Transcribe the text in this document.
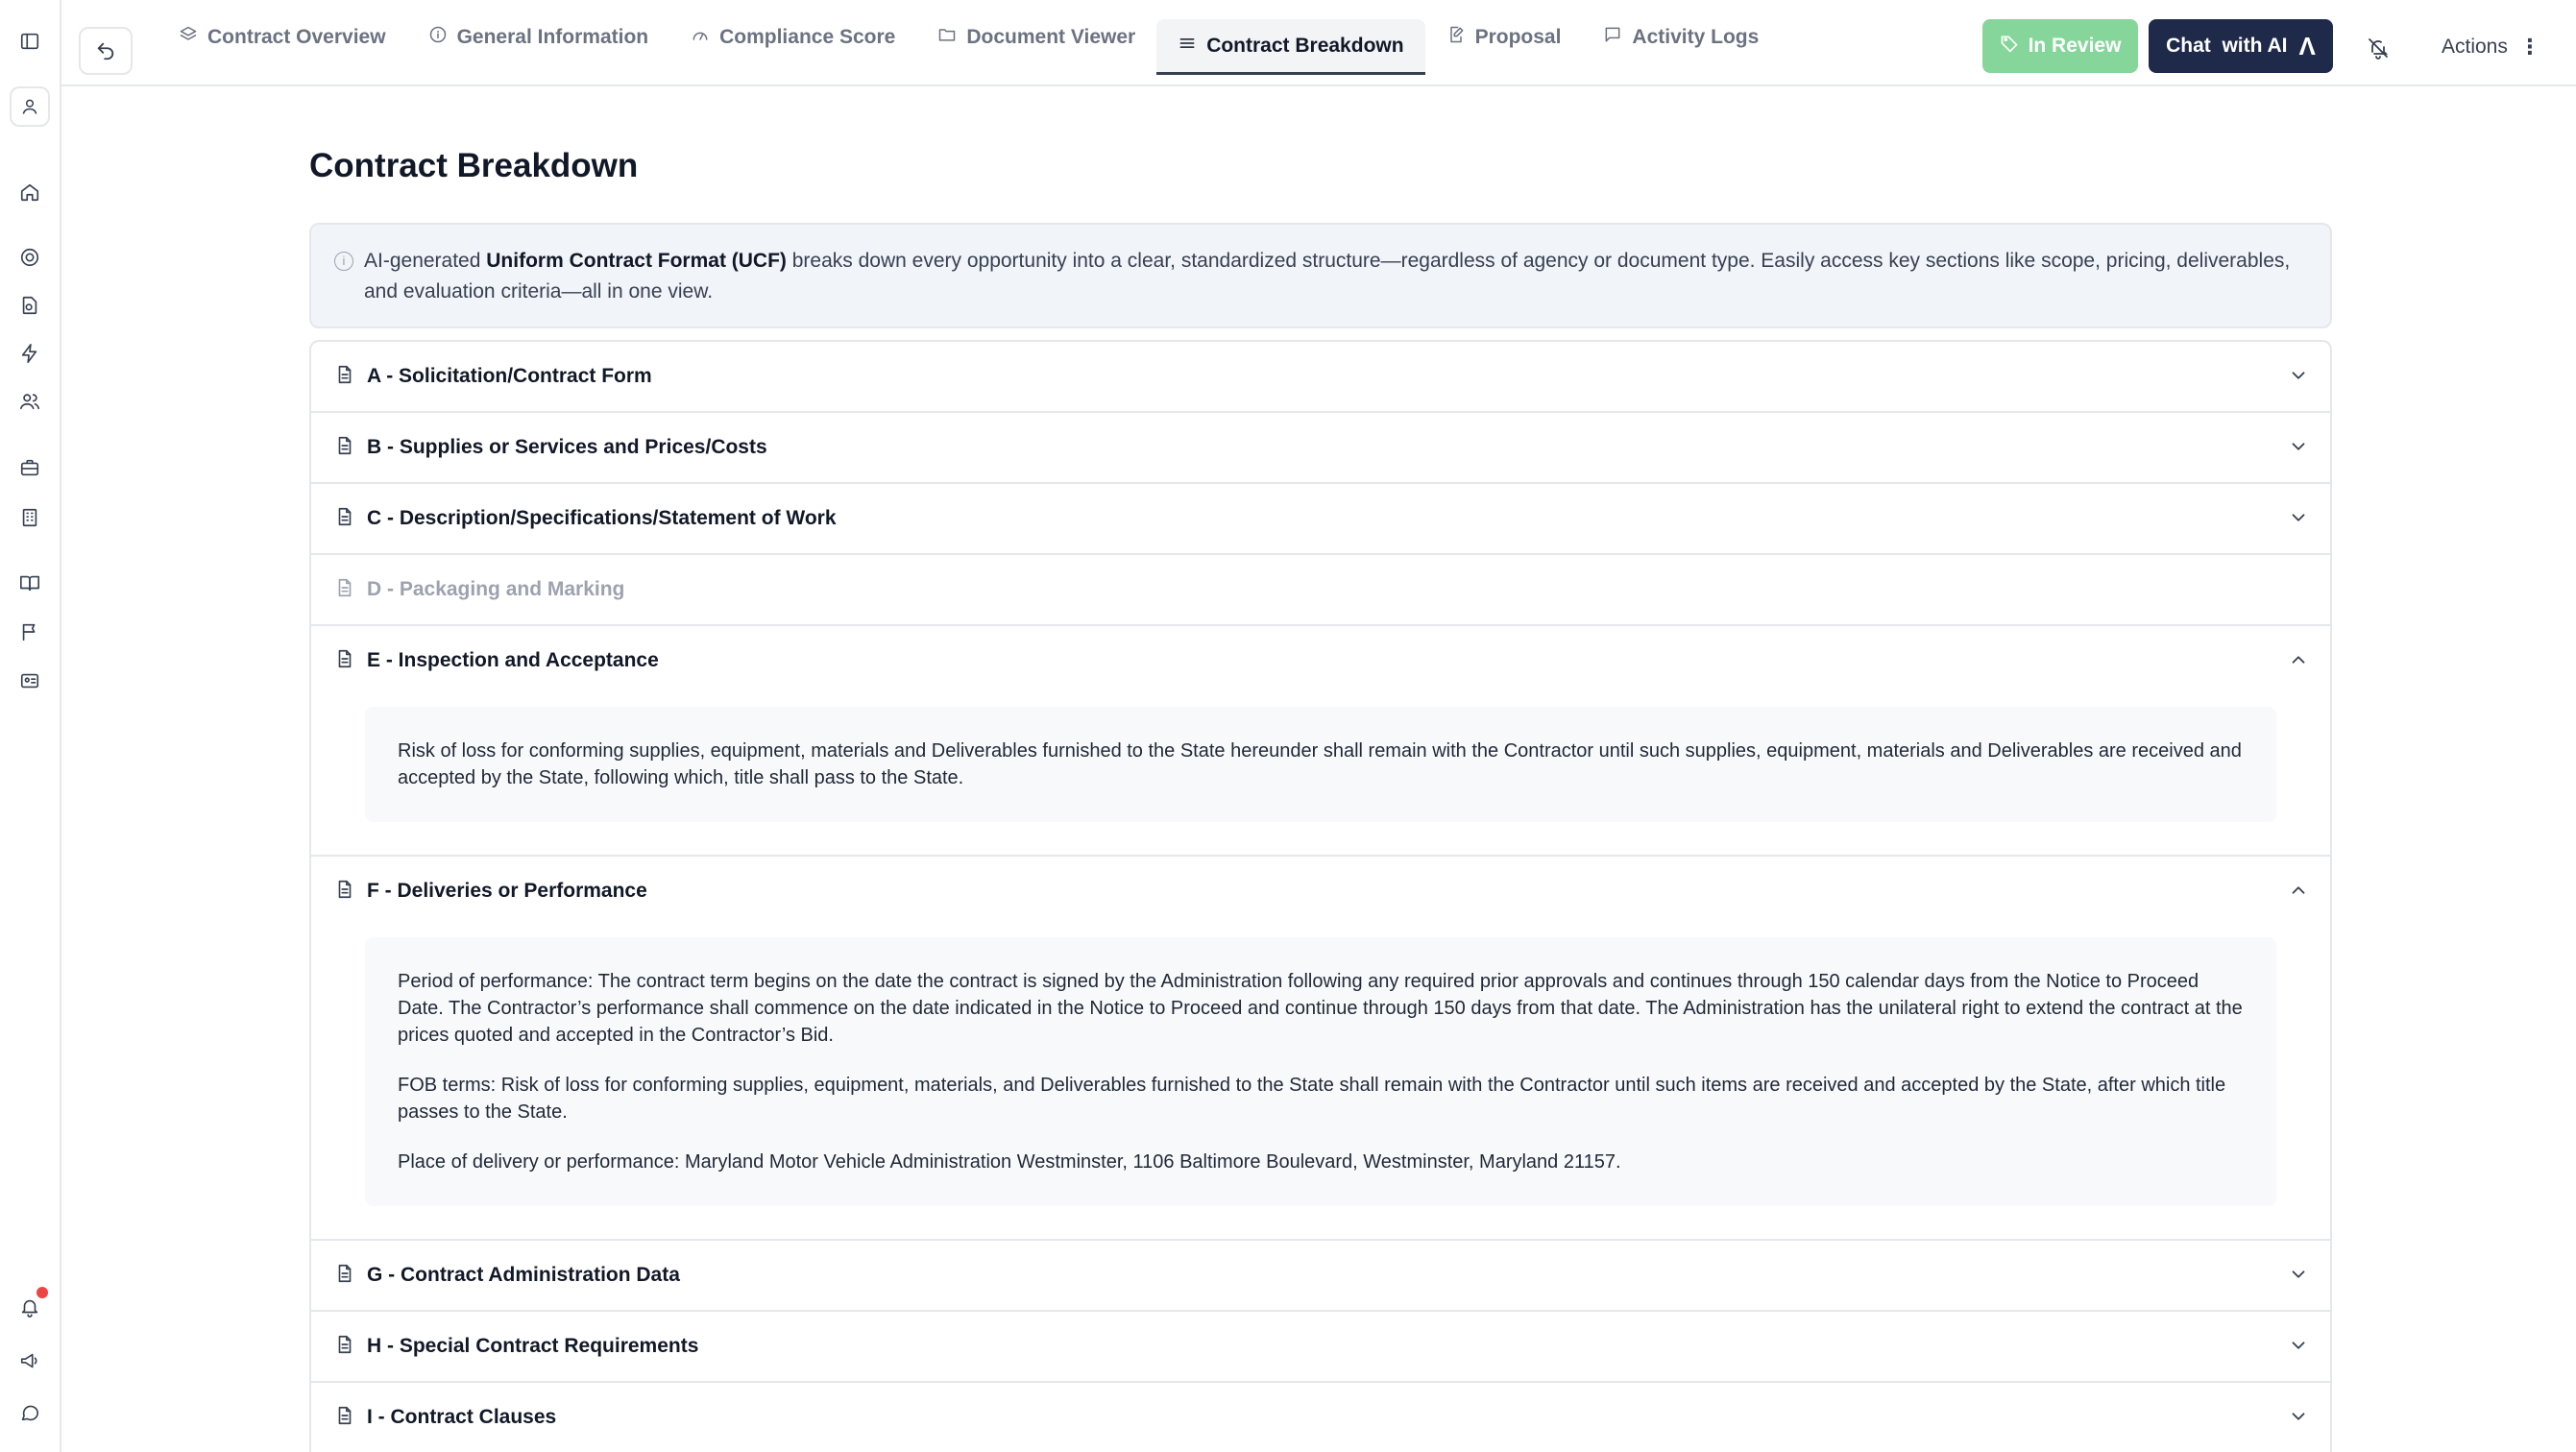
Contract Overview	General Information	Compliance Score	Document Viewer	Contract Breakdown	Proposal	Activity Logs	In Review Chat  with AI Λ	Actions ⋮
Contract Breakdown
i AI-generated Uniform Contract Format (UCF) breaks down every opportunity into a clear, standardized structure—regardless of agency or document type. Easily access key sections like scope, pricing, deliverables, and evaluation criteria—all in one view.
A - Solicitation/Contract Form
B - Supplies or Services and Prices/Costs
C - Description/Specifications/Statement of Work
D - Packaging and Marking
E - Inspection and Acceptance

Risk of loss for conforming supplies, equipment, materials and Deliverables furnished to the State hereunder shall remain with the Contractor until such supplies, equipment, materials and Deliverables are received and accepted by the State, following which, title shall pass to the State.

F - Deliveries or Performance

Period of performance: The contract term begins on the date the contract is signed by the Administration following any required prior approvals and continues through 150 calendar days from the Notice to Proceed Date. The Contractor’s performance shall commence on the date indicated in the Notice to Proceed and continue through 150 days from that date. The Administration has the unilateral right to extend the contract at the prices quoted and accepted in the Contractor’s Bid.

FOB terms: Risk of loss for conforming supplies, equipment, materials, and Deliverables furnished to the State shall remain with the Contractor until such items are received and accepted by the State, after which title passes to the State.

Place of delivery or performance: Maryland Motor Vehicle Administration Westminster, 1106 Baltimore Boulevard, Westminster, Maryland 21157.

G - Contract Administration Data
H - Special Contract Requirements
I - Contract Clauses
